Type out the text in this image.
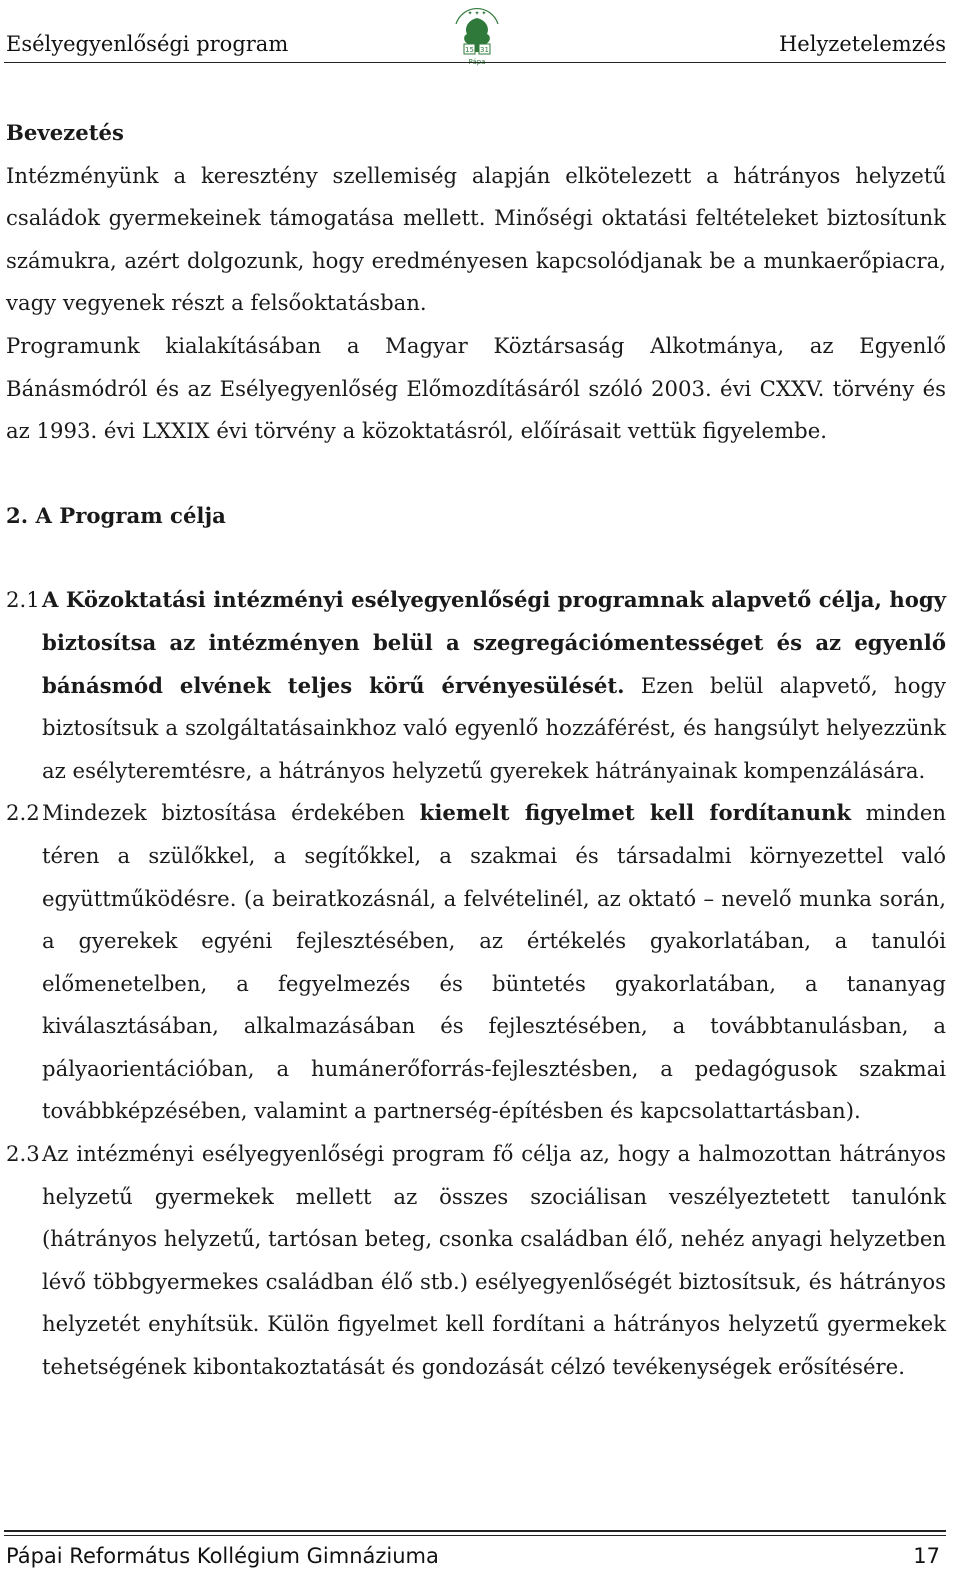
Esélyegyenlőségi program
✦ ✦ ✦
15 31
Pápa
Helyzetelemzés

Bevezetés

Intézményünk a keresztény szellemiség alapján elkötelezett a hátrányos helyzetű családok gyermekeinek támogatása mellett. Minőségi oktatási feltételeket biztosítunk számukra, azért dolgozunk, hogy eredményesen kapcsolódjanak be a munkaerőpiacra, vagy vegyenek részt a felsőoktatásban.

Programunk kialakításában a Magyar Köztársaság Alkotmánya, az Egyenlő Bánásmódról és az Esélyegyenlőség Előmozdításáról szóló 2003. évi CXXV. törvény és az 1993. évi LXXIX évi törvény a közoktatásról, előírásait vettük figyelembe.

2. A Program célja

2.1 A Közoktatási intézményi esélyegyenlőségi programnak alapvető célja, hogy biztosítsa az intézményen belül a szegregációmentességet és az egyenlő bánásmód elvének teljes körű érvényesülését. Ezen belül alapvető, hogy biztosítsuk a szolgáltatásainkhoz való egyenlő hozzáférést, és hangsúlyt helyezzünk az esélyteremtésre, a hátrányos helyzetű gyerekek hátrányainak kompenzálására.

2.2 Mindezek biztosítása érdekében kiemelt figyelmet kell fordítanunk minden téren a szülőkkel, a segítőkkel, a szakmai és társadalmi környezettel való együttműködésre. (a beiratkozásnál, a felvételinél, az oktató – nevelő munka során, a gyerekek egyéni fejlesztésében, az értékelés gyakorlatában, a tanulói előmenetelben, a fegyelmezés és büntetés gyakorlatában, a tananyag kiválasztásában, alkalmazásában és fejlesztésében, a továbbtanulásban, a pályaorientációban, a humánerőforrás-fejlesztésben, a pedagógusok szakmai továbbképzésében, valamint a partnerség-építésben és kapcsolattartásban).

2.3 Az intézményi esélyegyenlőségi program fő célja az, hogy a halmozottan hátrányos helyzetű gyermekek mellett az összes szociálisan veszélyeztetett tanulónk (hátrányos helyzetű, tartósan beteg, csonka családban élő, nehéz anyagi helyzetben lévő többgyermekes családban élő stb.) esélyegyenlőségét biztosítsuk, és hátrányos helyzetét enyhítsük. Külön figyelmet kell fordítani a hátrányos helyzetű gyermekek tehetségének kibontakoztatását és gondozását célzó tevékenységek erősítésére.

Pápai Református Kollégium Gimnáziuma	17
